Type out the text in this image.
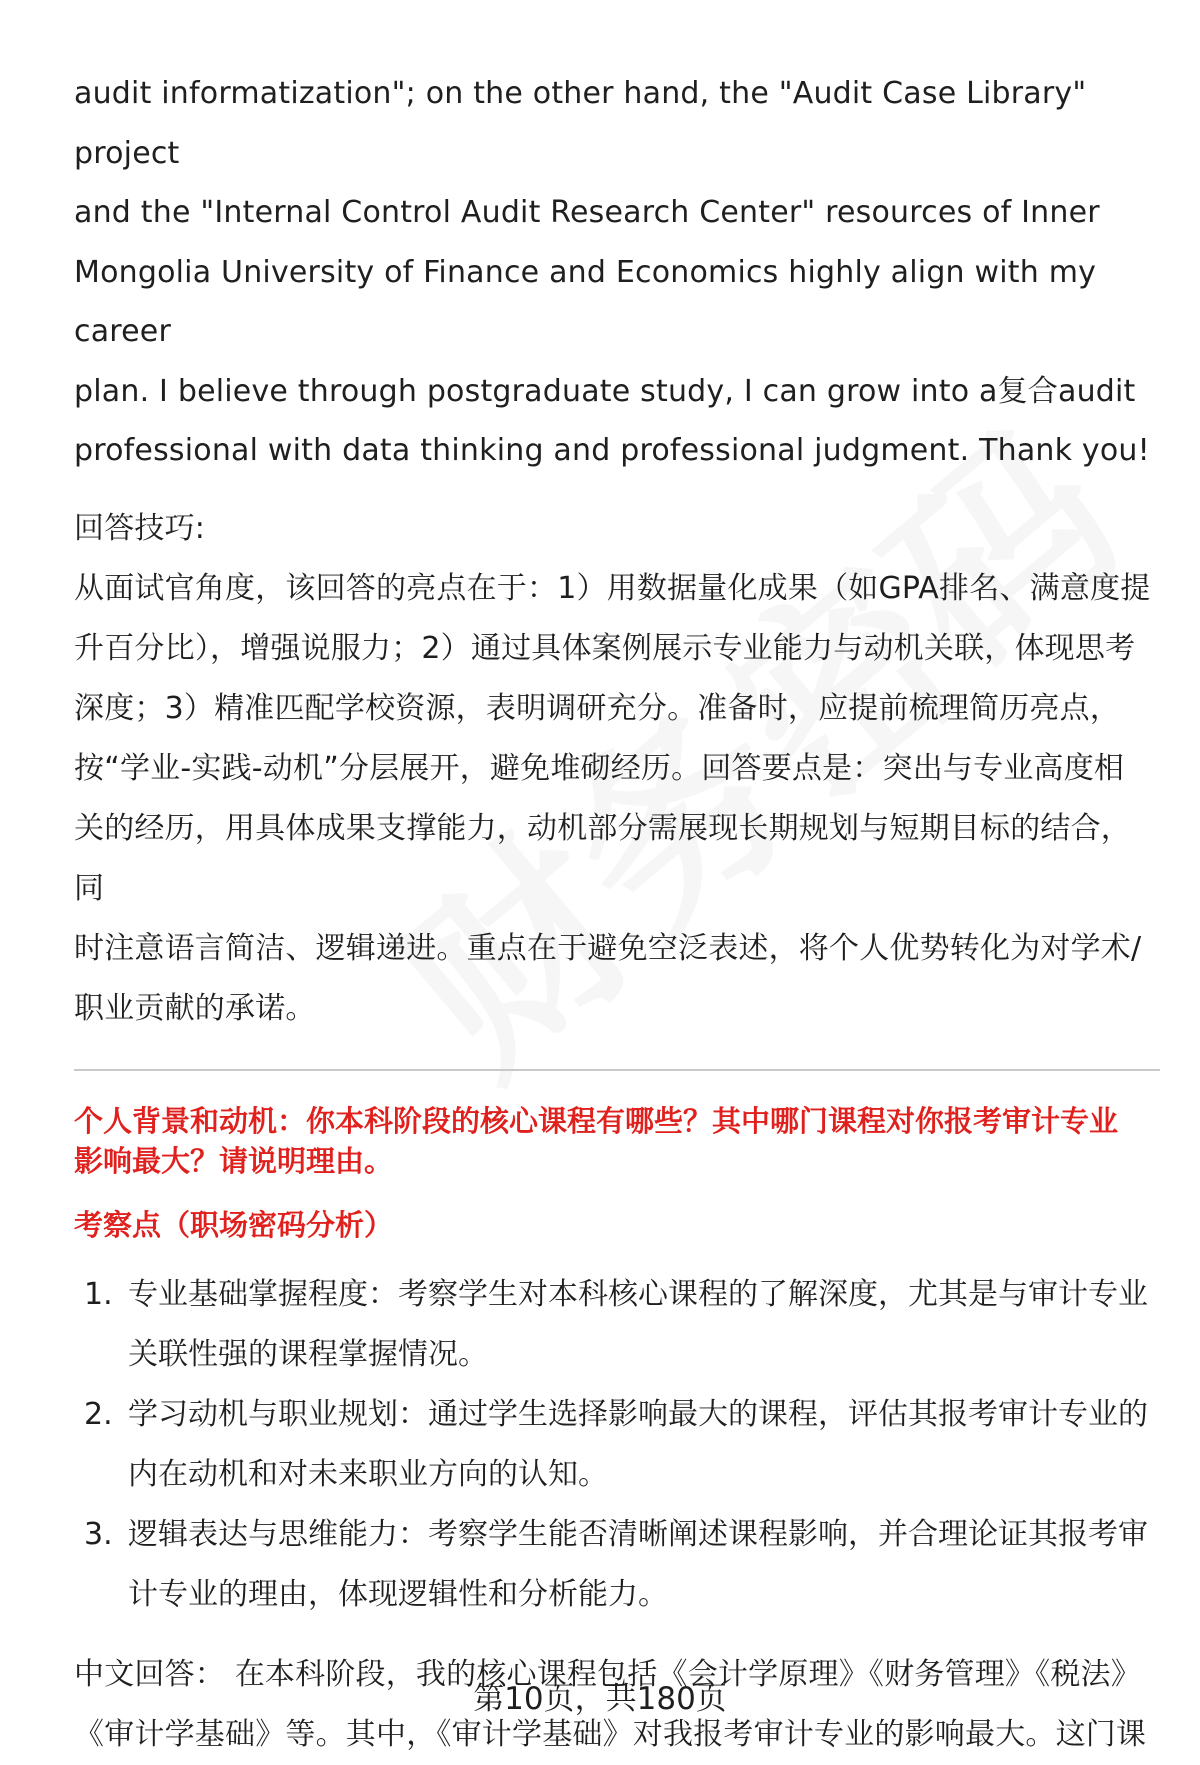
audit informatization"; on the other hand, the "Audit Case Library" project
and the "Internal Control Audit Research Center" resources of Inner
Mongolia University of Finance and Economics highly align with my career
plan. I believe through postgraduate study, I can grow into a复合audit
professional with data thinking and professional judgment. Thank you!
回答技巧:
从面试官角度，该回答的亮点在于：1）用数据量化成果（如GPA排名、满意度提
升百分比），增强说服力；2）通过具体案例展示专业能力与动机关联，体现思考
深度；3）精准匹配学校资源，表明调研充分。准备时，应提前梳理简历亮点，
按“学业-实践-动机”分层展开，避免堆砌经历。回答要点是：突出与专业高度相
关的经历，用具体成果支撑能力，动机部分需展现长期规划与短期目标的结合，同
时注意语言简洁、逻辑递进。重点在于避免空泛表述，将个人优势转化为对学术/
职业贡献的承诺。
个人背景和动机：你本科阶段的核心课程有哪些？其中哪门课程对你报考审计专业
影响最大？请说明理由。
考察点（职场密码分析）
1. 专业基础掌握程度：考察学生对本科核心课程的了解深度，尤其是与审计专业
关联性强的课程掌握情况。
2. 学习动机与职业规划：通过学生选择影响最大的课程，评估其报考审计专业的
内在动机和对未来职业方向的认知。
3. 逻辑表达与思维能力：考察学生能否清晰阐述课程影响，并合理论证其报考审
计专业的理由，体现逻辑性和分析能力。
中文回答： 在本科阶段，我的核心课程包括《会计学原理》《财务管理》《税法》
《审计学基础》等。其中，《审计学基础》对我报考审计专业的影响最大。这门课
第10页，共180页
